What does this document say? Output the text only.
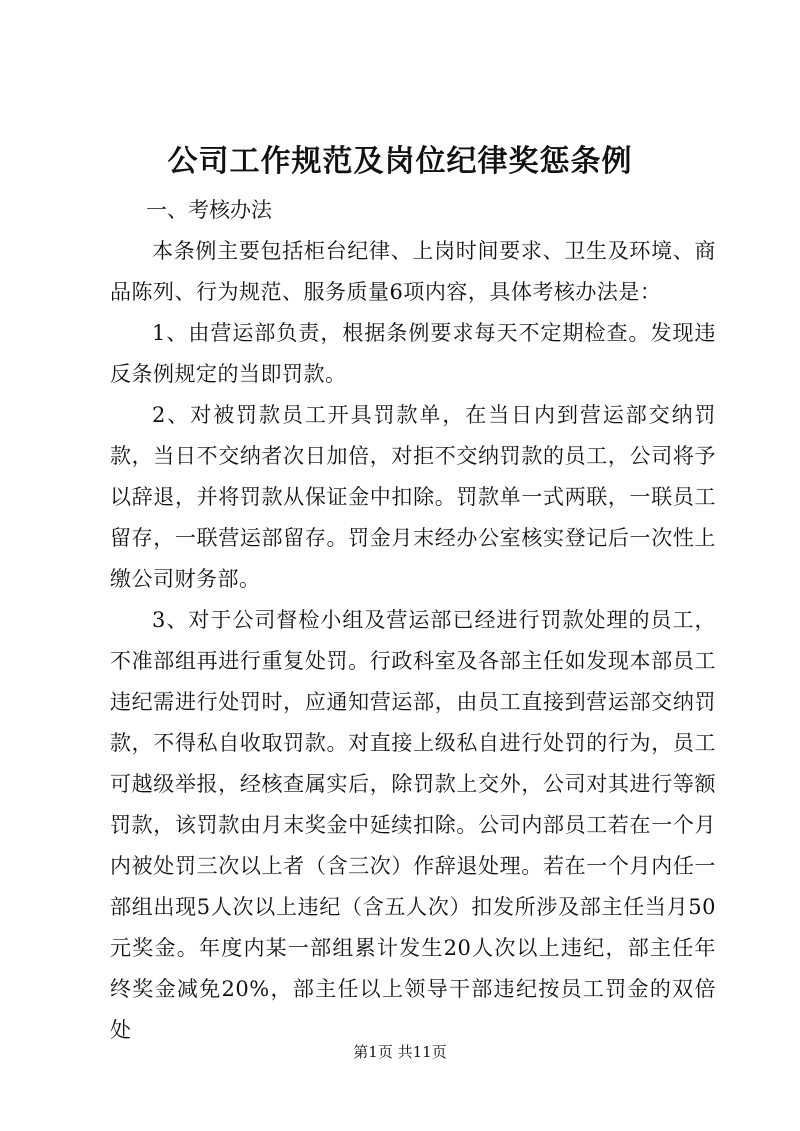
公司工作规范及岗位纪律奖惩条例

一、考核办法

本条例主要包括柜台纪律、上岗时间要求、卫生及环境、商品陈列、行为规范、服务质量6项内容，具体考核办法是：

1、由营运部负责，根据条例要求每天不定期检查。发现违反条例规定的当即罚款。

2、对被罚款员工开具罚款单，在当日内到营运部交纳罚款，当日不交纳者次日加倍，对拒不交纳罚款的员工，公司将予以辞退，并将罚款从保证金中扣除。罚款单一式两联，一联员工留存，一联营运部留存。罚金月末经办公室核实登记后一次性上缴公司财务部。

3、对于公司督检小组及营运部已经进行罚款处理的员工，不准部组再进行重复处罚。行政科室及各部主任如发现本部员工违纪需进行处罚时，应通知营运部，由员工直接到营运部交纳罚款，不得私自收取罚款。对直接上级私自进行处罚的行为，员工可越级举报，经核查属实后，除罚款上交外，公司对其进行等额罚款，该罚款由月末奖金中延续扣除。公司内部员工若在一个月内被处罚三次以上者（含三次）作辞退处理。若在一个月内任一部组出现5人次以上违纪（含五人次）扣发所涉及部主任当月50元奖金。年度内某一部组累计发生20人次以上违纪，部主任年终奖金减免20%，部主任以上领导干部违纪按员工罚金的双倍处

第1页 共11页
